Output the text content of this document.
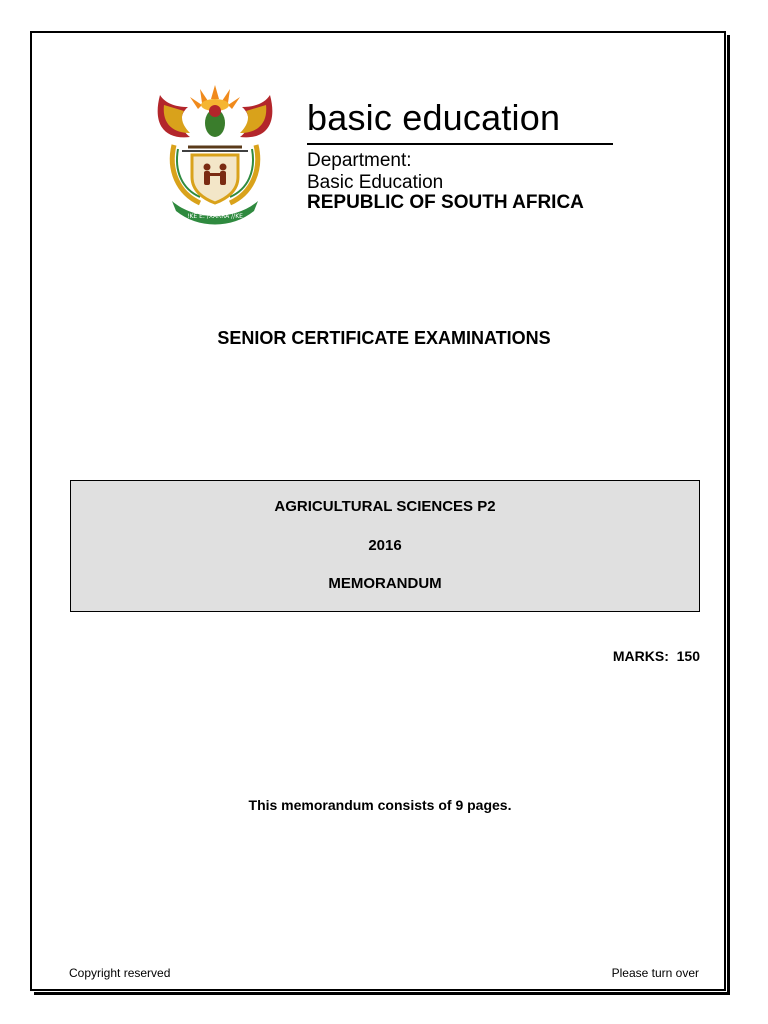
!KE E: /XARRA //KE
basic education
Department:
Basic Education
REPUBLIC OF SOUTH AFRICA
SENIOR CERTIFICATE EXAMINATIONS
AGRICULTURAL SCIENCES P2
2016
MEMORANDUM
MARKS:  150
This memorandum consists of 9 pages.
Copyright reserved	Please turn over
